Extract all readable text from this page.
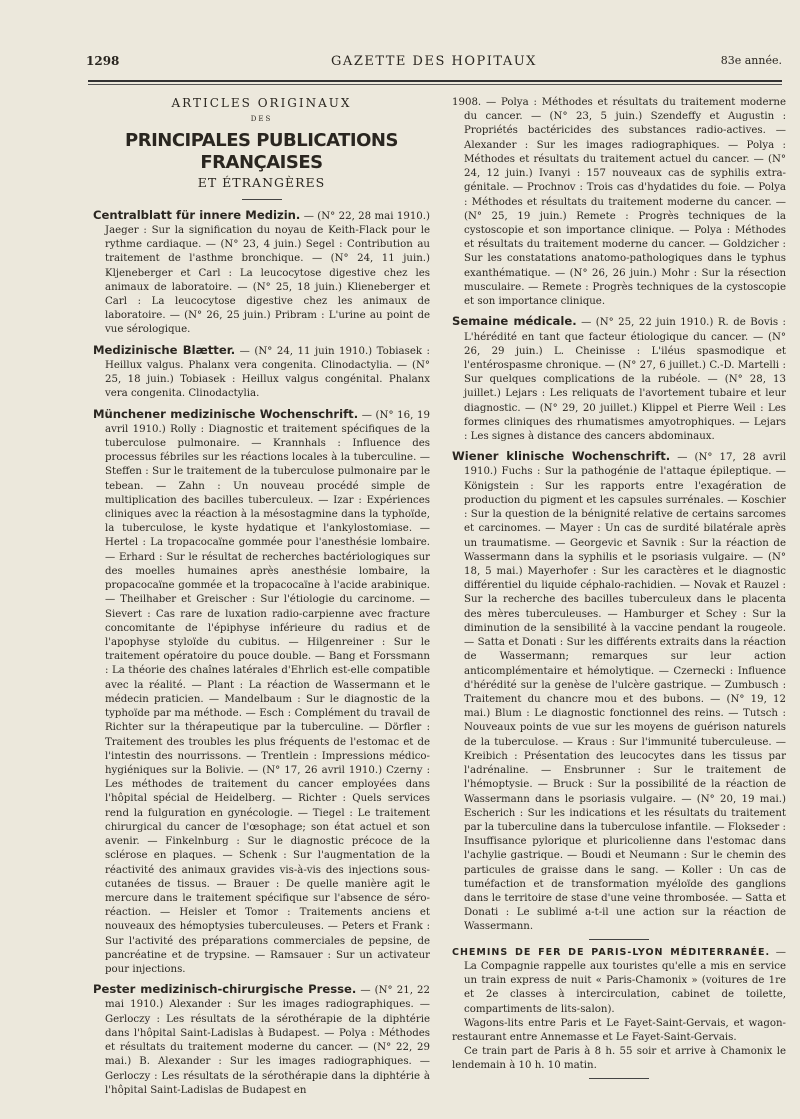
1298	GAZETTE DES HOPITAUX	83e année.
ARTICLES ORIGINAUX
DES
PRINCIPALES PUBLICATIONS FRANÇAISES
ET ÉTRANGÈRES

Centralblatt für innere Medizin. — (N° 22, 28 mai 1910.) Jaeger : Sur la signification du noyau de Keith-Flack pour le rythme cardiaque. — (N° 23, 4 juin.) Segel : Contribution au traitement de l'asthme bronchique. — (N° 24, 11 juin.) Kljeneberger et Carl : La leucocytose digestive chez les animaux de laboratoire. — (N° 25, 18 juin.) Klieneberger et Carl : La leucocytose digestive chez les animaux de laboratoire. — (N° 26, 25 juin.) Pribram : L'urine au point de vue sérologique.

Medizinische Blætter. — (N° 24, 11 juin 1910.) Tobiasek : Heillux valgus. Phalanx vera congenita. Clinodactylia. — (N° 25, 18 juin.) Tobiasek : Heillux valgus congénital. Phalanx vera congenita. Clinodactylia.

Münchener medizinische Wochenschrift. — (N° 16, 19 avril 1910.) Rolly : Diagnostic et traitement spécifiques de la tuberculose pulmonaire. — Krannhals : Influence des processus fébriles sur les réactions locales à la tuberculine. — Steffen : Sur le traitement de la tuberculose pulmonaire par le tebean. — Zahn : Un nouveau procédé simple de multiplication des bacilles tuberculeux. — Izar : Expériences cliniques avec la réaction à la mésostagmine dans la typhoïde, la tuberculose, le kyste hydatique et l'ankylostomiase. — Hertel : La tropacocaïne gommée pour l'anesthésie lombaire. — Erhard : Sur le résultat de recherches bactériologiques sur des moelles humaines après anesthésie lombaire, la propacocaïne gommée et la tropacocaïne à l'acide arabinique. — Theilhaber et Greischer : Sur l'étiologie du carcinome. — Sievert : Cas rare de luxation radio-carpienne avec fracture concomitante de l'épiphyse inférieure du radius et de l'apophyse styloïde du cubitus. — Hilgenreiner : Sur le traitement opératoire du pouce double. — Bang et Forssmann : La théorie des chaînes latérales d'Ehrlich est-elle compatible avec la réalité. — Plant : La réaction de Wassermann et le médecin praticien. — Mandelbaum : Sur le diagnostic de la typhoïde par ma méthode. — Esch : Complément du travail de Richter sur la thérapeutique par la tuberculine. — Dörfler : Traitement des troubles les plus fréquents de l'estomac et de l'intestin des nourrissons. — Trentlein : Impressions médico-hygiéniques sur la Bolivie. — (N° 17, 26 avril 1910.) Czerny : Les méthodes de traitement du cancer employées dans l'hôpital spécial de Heidelberg. — Richter : Quels services rend la fulguration en gynécologie. — Tiegel : Le traitement chirurgical du cancer de l'œsophage; son état actuel et son avenir. — Finkelnburg : Sur le diagnostic précoce de la sclérose en plaques. — Schenk : Sur l'augmentation de la réactivité des animaux gravides vis-à-vis des injections sous-cutanées de tissus. — Brauer : De quelle manière agit le mercure dans le traitement spécifique sur l'absence de séro-réaction. — Heisler et Tomor : Traitements anciens et nouveaux des hémoptysies tuberculeuses. — Peters et Frank : Sur l'activité des préparations commerciales de pepsine, de pancréatine et de trypsine. — Ramsauer : Sur un activateur pour injections.

Pester medizinisch-chirurgische Presse. — (N° 21, 22 mai 1910.) Alexander : Sur les images radiographiques. — Gerloczy : Les résultats de la sérothérapie de la diphtérie dans l'hôpital Saint-Ladislas à Budapest. — Polya : Méthodes et résultats du traitement moderne du cancer. — (N° 22, 29 mai.) B. Alexander : Sur les images radiographiques. — Gerloczy : Les résultats de la sérothérapie dans la diphtérie à l'hôpital Saint-Ladislas de Budapest en

1908. — Polya : Méthodes et résultats du traitement moderne du cancer. — (N° 23, 5 juin.) Szendeffy et Augustin : Propriétés bactéricides des substances radio-actives. — Alexander : Sur les images radiographiques. — Polya : Méthodes et résultats du traitement actuel du cancer. — (N° 24, 12 juin.) Ivanyi : 157 nouveaux cas de syphilis extra-génitale. — Prochnov : Trois cas d'hydatides du foie. — Polya : Méthodes et résultats du traitement moderne du cancer. — (N° 25, 19 juin.) Remete : Progrès techniques de la cystoscopie et son importance clinique. — Polya : Méthodes et résultats du traitement moderne du cancer. — Goldzicher : Sur les constatations anatomo-pathologiques dans le typhus exanthématique. — (N° 26, 26 juin.) Mohr : Sur la résection musculaire. — Remete : Progrès techniques de la cystoscopie et son importance clinique.

Semaine médicale. — (N° 25, 22 juin 1910.) R. de Bovis : L'hérédité en tant que facteur étiologique du cancer. — (N° 26, 29 juin.) L. Cheinisse : L'iléus spasmodique et l'entérospasme chronique. — (N° 27, 6 juillet.) C.-D. Martelli : Sur quelques complications de la rubéole. — (N° 28, 13 juillet.) Lejars : Les reliquats de l'avortement tubaire et leur diagnostic. — (N° 29, 20 juillet.) Klippel et Pierre Weil : Les formes cliniques des rhumatismes amyotrophiques. — Lejars : Les signes à distance des cancers abdominaux.

Wiener klinische Wochenschrift. — (N° 17, 28 avril 1910.) Fuchs : Sur la pathogénie de l'attaque épileptique. — Königstein : Sur les rapports entre l'exagération de production du pigment et les capsules surrénales. — Koschier : Sur la question de la bénignité relative de certains sarcomes et carcinomes. — Mayer : Un cas de surdité bilatérale après un traumatisme. — Georgevic et Savnik : Sur la réaction de Wassermann dans la syphilis et le psoriasis vulgaire. — (N° 18, 5 mai.) Mayerhofer : Sur les caractères et le diagnostic différentiel du liquide céphalo-rachidien. — Novak et Rauzel : Sur la recherche des bacilles tuberculeux dans le placenta des mères tuberculeuses. — Hamburger et Schey : Sur la diminution de la sensibilité à la vaccine pendant la rougeole. — Satta et Donati : Sur les différents extraits dans la réaction de Wassermann; remarques sur leur action anticomplémentaire et hémolytique. — Czernecki : Influence d'hérédité sur la genèse de l'ulcère gastrique. — Zumbusch : Traitement du chancre mou et des bubons. — (N° 19, 12 mai.) Blum : Le diagnostic fonctionnel des reins. — Tutsch : Nouveaux points de vue sur les moyens de guérison naturels de la tuberculose. — Kraus : Sur l'immunité tuberculeuse. — Kreibich : Présentation des leucocytes dans les tissus par l'adrénaline. — Ensbrunner : Sur le traitement de l'hémoptysie. — Bruck : Sur la possibilité de la réaction de Wassermann dans le psoriasis vulgaire. — (N° 20, 19 mai.) Escherich : Sur les indications et les résultats du traitement par la tuberculine dans la tuberculose infantile. — Flokseder : Insuffisance pylorique et pluricolienne dans l'estomac dans l'achylie gastrique. — Boudi et Neumann : Sur le chemin des particules de graisse dans le sang. — Koller : Un cas de tuméfaction et de transformation myéloïde des ganglions dans le territoire de stase d'une veine thrombosée. — Satta et Donati : Le sublimé a-t-il une action sur la réaction de Wassermann.

CHEMINS DE FER DE PARIS-LYON MÉDITERRANÉE. — La Compagnie rappelle aux touristes qu'elle a mis en service un train express de nuit « Paris-Chamonix » (voitures de 1re et 2e classes à intercirculation, cabinet de toilette, compartiments de lits-salon).

Wagons-lits entre Paris et Le Fayet-Saint-Gervais, et wagon-restaurant entre Annemasse et Le Fayet-Saint-Gervais.

Ce train part de Paris à 8 h. 55 soir et arrive à Chamonix le lendemain à 10 h. 10 matin.
